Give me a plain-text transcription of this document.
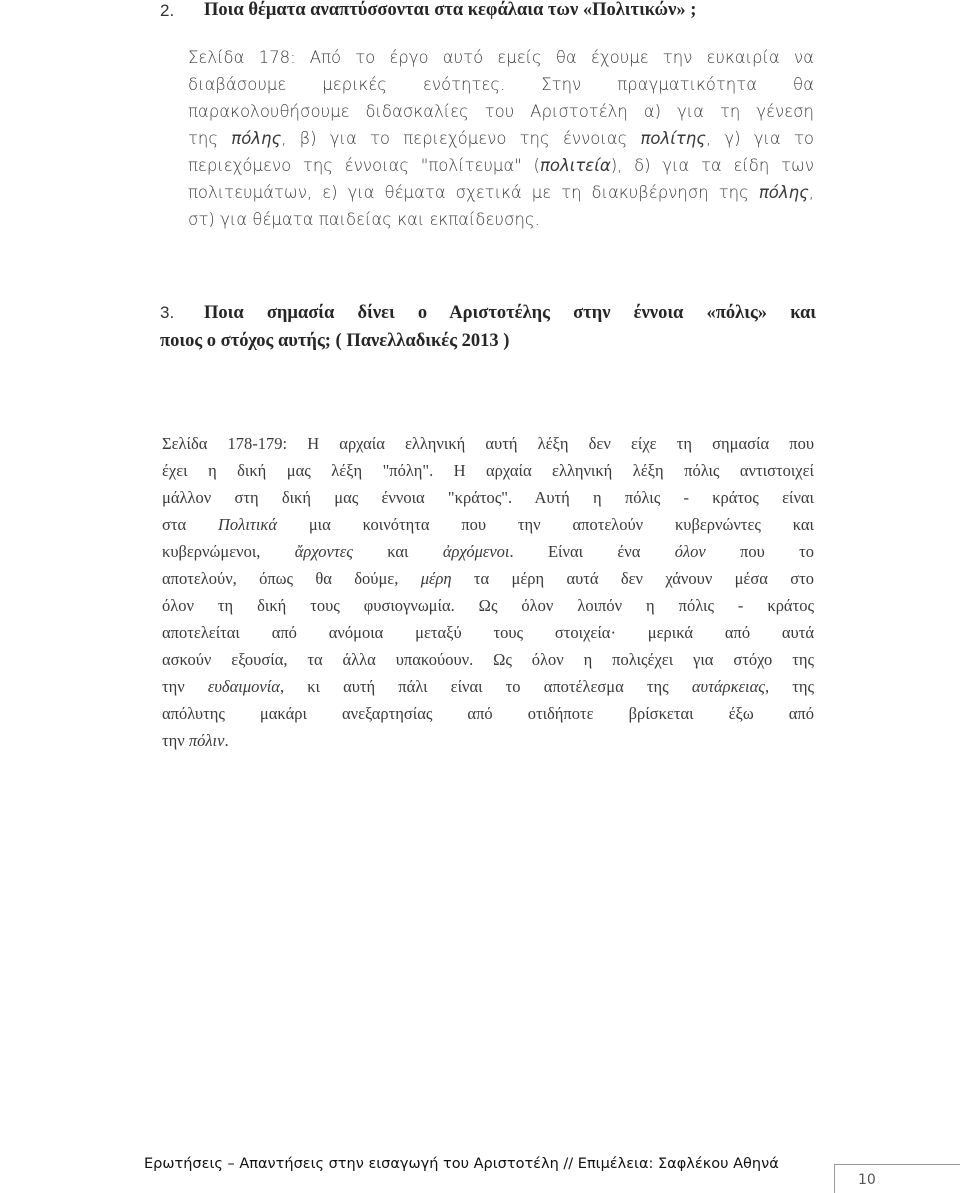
2. Ποια θέματα αναπτύσσονται στα κεφάλαια των «Πολιτικών» ;
Σελίδα 178: Από το έργο αυτό εμείς θα έχουμε την ευκαιρία να
διαβάσουμε μερικές ενότητες. Στην πραγματικότητα θα
παρακολουθήσουμε διδασκαλίες του Αριστοτέλη α) για τη γένεση
της πόλης, β) για το περιεχόμενο της έννοιας πολίτης, γ) για το
περιεχόμενο της έννοιας "πολίτευμα" (πολιτεία), δ) για τα είδη των
πολιτευμάτων, ε) για θέματα σχετικά με τη διακυβέρνηση της πόλης,
στ) για θέματα παιδείας και εκπαίδευσης.
3. Ποια σημασία δίνει ο Αριστοτέλης στην έννοια «πόλις» και
ποιος ο στόχος αυτής; ( Πανελλαδικές 2013 )
Σελίδα 178-179: Η αρχαία ελληνική αυτή λέξη δεν είχε τη σημασία που
έχει η δική μας λέξη "πόλη". Η αρχαία ελληνική λέξη πόλις αντιστοιχεί
μάλλον στη δική μας έννοια "κράτος". Αυτή η πόλις - κράτος είναι
στα Πολιτικά μια κοινότητα που την αποτελούν κυβερνώντες και
κυβερνώμενοι, ἄρχοντες και ἀρχόμενοι. Είναι ένα όλον που το
αποτελούν, όπως θα δούμε, μέρη τα μέρη αυτά δεν χάνουν μέσα στο
όλον τη δική τους φυσιογνωμία. Ως όλον λοιπόν η πόλις - κράτος
αποτελείται από ανόμοια μεταξύ τους στοιχεία· μερικά από αυτά
ασκούν εξουσία, τα άλλα υπακούουν. Ως όλον η πολιςέχει για στόχο της
την ευδαιμονία, κι αυτή πάλι είναι το αποτέλεσμα της αυτάρκειας, της
απόλυτης μακάρι ανεξαρτησίας από οτιδήποτε βρίσκεται έξω από
την πόλιν.
Ερωτήσεις – Απαντήσεις στην εισαγωγή του Αριστοτέλη // Επιμέλεια: Σαφλέκου Αθηνά
10
